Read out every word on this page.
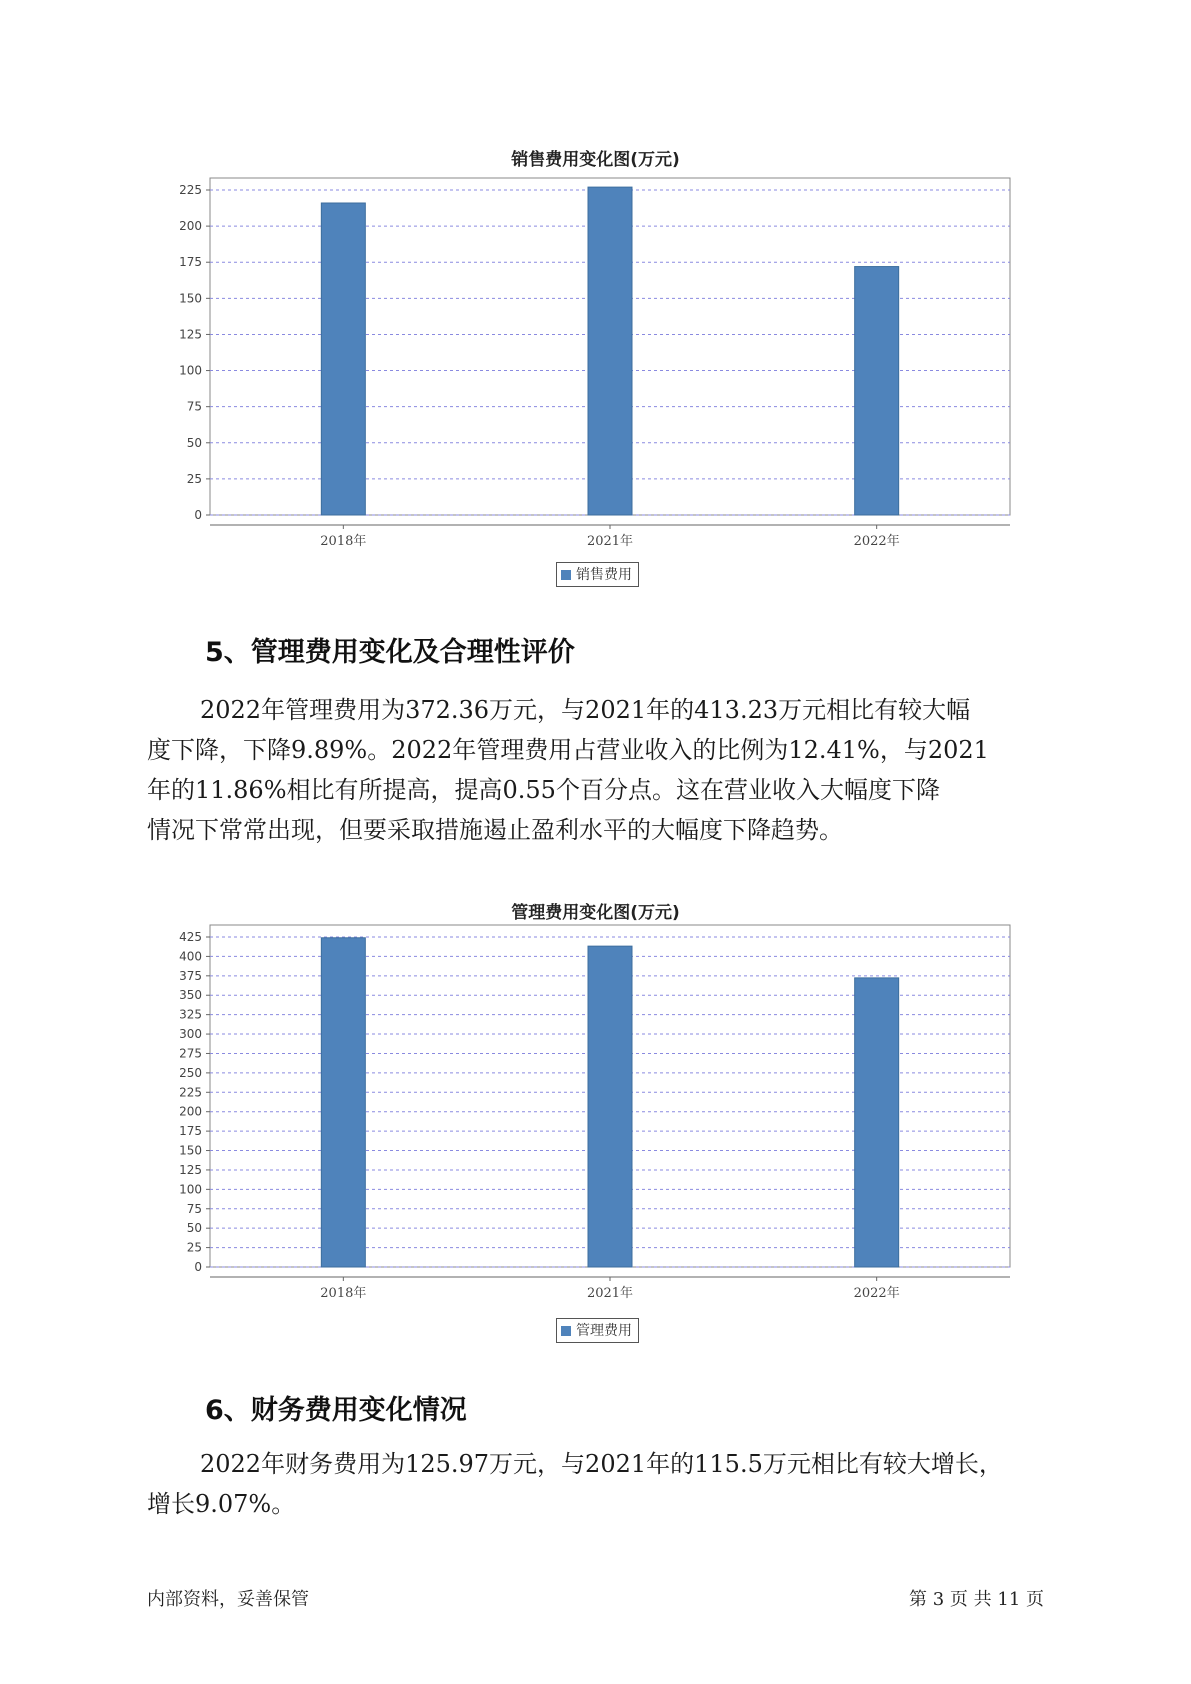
销售费用变化图(万元)
0
25
50
75
100
125
150
175
200
225
2018年	2021年	2022年
销售费用
5、管理费用变化及合理性评价
2022年管理费用为372.36万元，与2021年的413.23万元相比有较大幅
度下降，下降9.89%。2022年管理费用占营业收入的比例为12.41%，与2021
年的11.86%相比有所提高，提高0.55个百分点。这在营业收入大幅度下降
情况下常常出现，但要采取措施遏止盈利水平的大幅度下降趋势。
管理费用变化图(万元)
0
25
50
75
100
125
150
175
200
225
250
275
300
325
350
375
400
425
2018年	2021年	2022年
管理费用
6、财务费用变化情况
2022年财务费用为125.97万元，与2021年的115.5万元相比有较大增长，
增长9.07%。
内部资料，妥善保管	第 3 页 共 11 页
